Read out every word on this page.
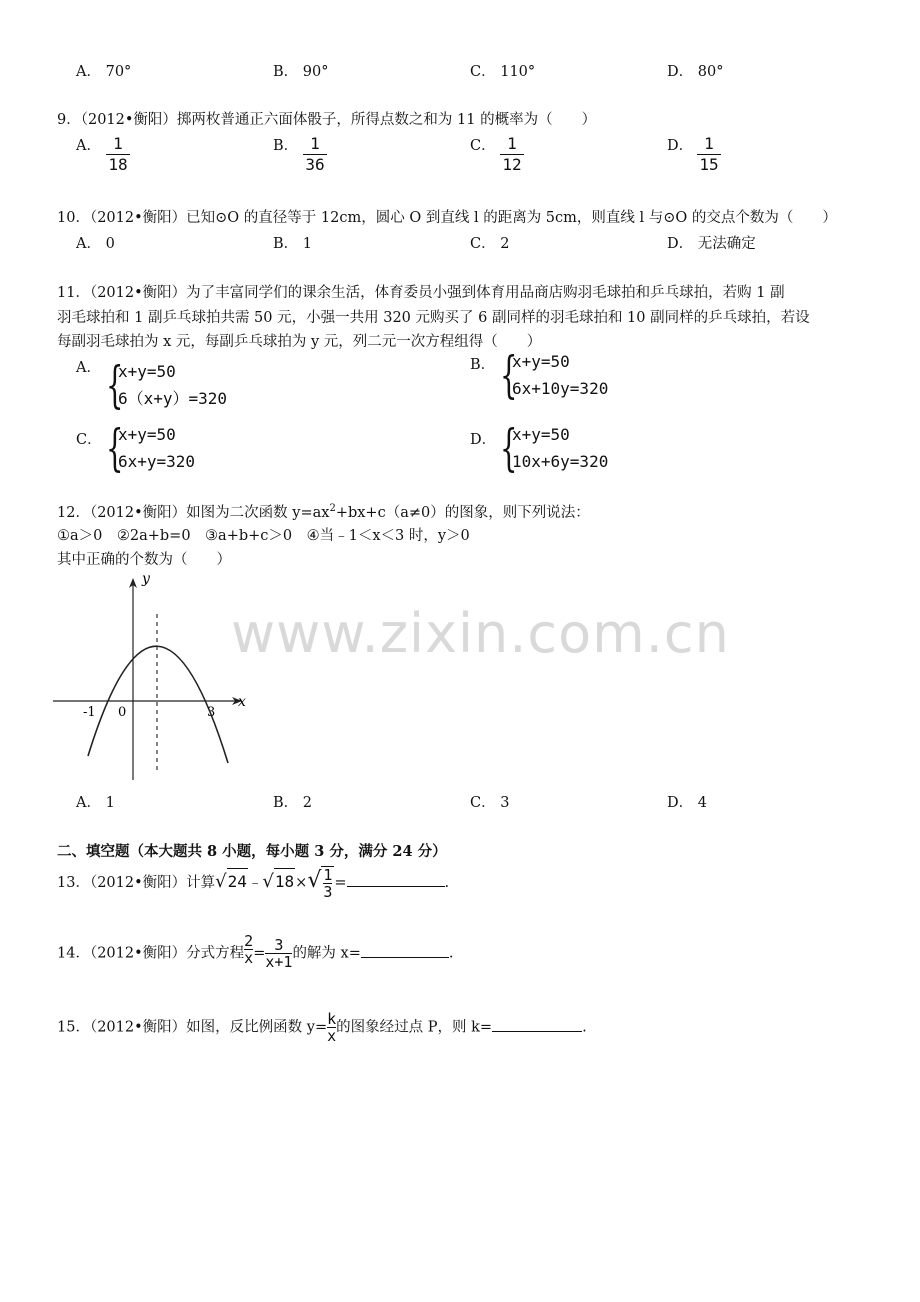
A． 70°	B． 90°	C． 110°	D． 80°
9．（2012•衡阳）掷两枚普通正六面体骰子，所得点数之和为 11 的概率为（　　）
A． 1
18
B． 1
36
C． 1
12
D． 1
15
10．（2012•衡阳）已知⊙O 的直径等于 12cm，圆心 O 到直线 l 的距离为 5cm，则直线 l 与⊙O 的交点个数为（　　）
A． 0	B． 1	C． 2	D． 无法确定
11．（2012•衡阳）为了丰富同学们的课余生活，体育委员小强到体育用品商店购羽毛球拍和乒乓球拍，若购 1 副
羽毛球拍和 1 副乒乓球拍共需 50 元，小强一共用 320 元购买了 6 副同样的羽毛球拍和 10 副同样的乒乓球拍，若设
每副羽毛球拍为 x 元，每副乒乓球拍为 y 元，列二元一次方程组得（　　）
A． {
x+y=50
6（x+y）=320
B． {
x+y=50
6x+10y=320
C． {
x+y=50
6x+y=320
D． {
x+y=50
10x+6y=320
12．（2012•衡阳）如图为二次函数 $y=ax^2+bx+c(a\ne 0)$的图象，则下列说法：
①a＞0　②2a+b=0　③a+b+c＞0　④当﹣1＜x＜3 时，y＞0
其中正确的个数为（　　）
www.zixin.com.cn
y
x
-1 0	3
A． 1	B． 2	C． 3	D． 4
二、填空题（本大题共 8 小题，每小题 3 分，满分 24 分）
13．（2012•衡阳）计算$√24﹣√18\times√\frac{1}{3}=$	.
14．（2012•衡阳）分式方程$\frac{2}{x}=\frac{3}{x+1}$的解为 x=	.
15．（2012•衡阳）如图，反比例函数 $y=\frac{k}{x}$的图象经过点 P，则 k=	.
